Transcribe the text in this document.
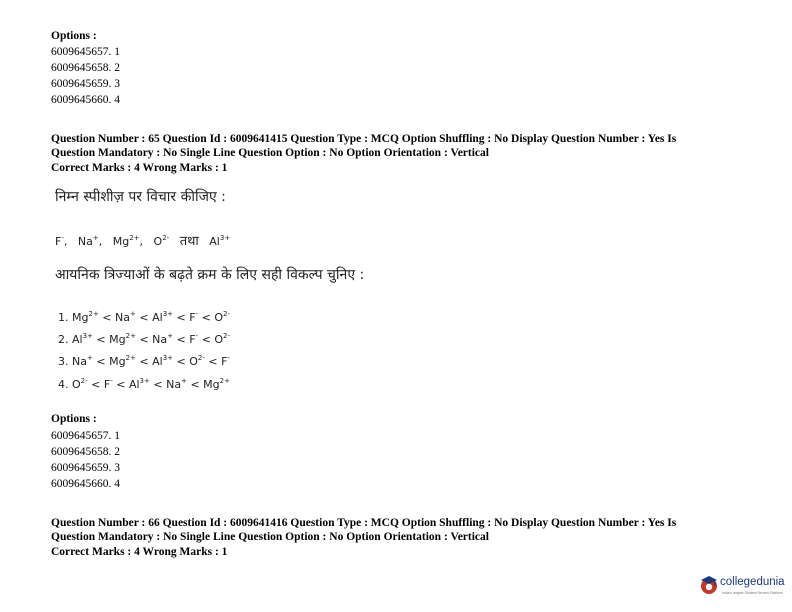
Options :
6009645657. 1
6009645658. 2
6009645659. 3
6009645660. 4
Question Number : 65 Question Id : 6009641415 Question Type : MCQ Option Shuffling : No Display Question Number : Yes Is
Question Mandatory : No Single Line Question Option : No Option Orientation : Vertical
Correct Marks : 4 Wrong Marks : 1
निम्न स्पीशीज़ पर विचार कीजिए :
F-,   Na+,   $Mg^{2+}$,   $O^{2-}$ तथा $Al^{3+}$
आयनिक त्रिज्याओं के बढ़ते क्रम के लिए सही विकल्प चुनिए :
1. $Mg^{2+} < Na^+ < Al^{3+} < F^- < O^{2-}$
2. $Al^{3+} < Mg^{2+} < Na^+ < F^- < O^{2-}$
3. $Na^+ < Mg^{2+} < Al^{3+} < O^{2-} < F^-$
4. $O^{2-} < F^- < Al^{3+} < Na^+ < Mg^{2+}$
Options :
6009645657. 1
6009645658. 2
6009645659. 3
6009645660. 4
Question Number : 66 Question Id : 6009641416 Question Type : MCQ Option Shuffling : No Display Question Number : Yes Is
Question Mandatory : No Single Line Question Option : No Option Orientation : Vertical
Correct Marks : 4 Wrong Marks : 1
collegedunia
India's largest Student Review Platform
